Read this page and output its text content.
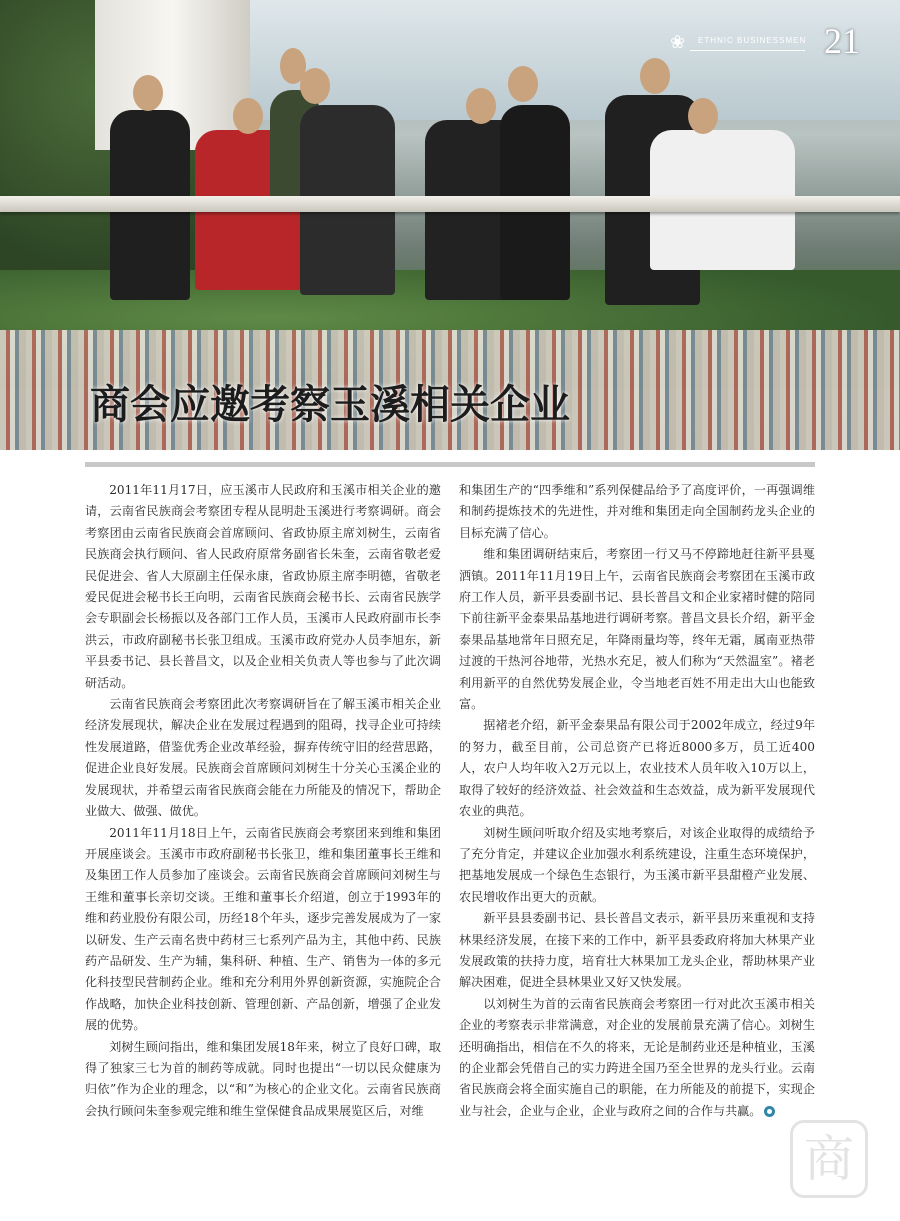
❀	ETHNIC BUSINESSMEN 21
商会应邀考察玉溪相关企业

2011年11月17日，应玉溪市人民政府和玉溪市相关企业的邀请，云南省民族商会考察团专程从昆明赴玉溪进行考察调研。商会考察团由云南省民族商会首席顾问、省政协原主席刘树生，云南省民族商会执行顾问、省人民政府原常务副省长朱奎，云南省敬老爱民促进会、省人大原副主任保永康，省政协原主席李明德，省敬老爱民促进会秘书长王向明，云南省民族商会秘书长、云南省民族学会专职副会长杨振以及各部门工作人员，玉溪市人民政府副市长李洪云，市政府副秘书长张卫组成。玉溪市政府党办人员李旭东，新平县委书记、县长普昌文，以及企业相关负责人等也参与了此次调研活动。

云南省民族商会考察团此次考察调研旨在了解玉溪市相关企业经济发展现状，解决企业在发展过程遇到的阻碍，找寻企业可持续性发展道路，借鉴优秀企业改革经验，摒弃传统守旧的经营思路，促进企业良好发展。民族商会首席顾问刘树生十分关心玉溪企业的发展现状，并希望云南省民族商会能在力所能及的情况下，帮助企业做大、做强、做优。

2011年11月18日上午，云南省民族商会考察团来到维和集团开展座谈会。玉溪市市政府副秘书长张卫，维和集团董事长王维和及集团工作人员参加了座谈会。云南省民族商会首席顾问刘树生与王维和董事长亲切交谈。王维和董事长介绍道，创立于1993年的维和药业股份有限公司，历经18个年头，逐步完善发展成为了一家以研发、生产云南名贵中药材三七系列产品为主，其他中药、民族药产品研发、生产为辅，集科研、种植、生产、销售为一体的多元化科技型民营制药企业。维和充分利用外界创新资源，实施院企合作战略，加快企业科技创新、管理创新、产品创新，增强了企业发展的优势。

刘树生顾问指出，维和集团发展18年来，树立了良好口碑，取得了独家三七为首的制药等成就。同时也提出“一切以民众健康为归依”作为企业的理念，以“和”为核心的企业文化。云南省民族商会执行顾问朱奎参观完维和维生堂保健食品成果展览区后，对维

和集团生产的“四季维和”系列保健品给予了高度评价，一再强调维和制药提炼技术的先进性，并对维和集团走向全国制药龙头企业的目标充满了信心。

维和集团调研结束后，考察团一行又马不停蹄地赶往新平县戛洒镇。2011年11月19日上午，云南省民族商会考察团在玉溪市政府工作人员，新平县委副书记、县长普昌文和企业家褚时健的陪同下前往新平金泰果品基地进行调研考察。普昌文县长介绍，新平金泰果品基地常年日照充足，年降雨量均等，终年无霜，属南亚热带过渡的干热河谷地带，光热水充足，被人们称为“天然温室”。褚老利用新平的自然优势发展企业，令当地老百姓不用走出大山也能致富。

据褚老介绍，新平金泰果品有限公司于2002年成立，经过9年的努力，截至目前，公司总资产已将近8000多万，员工近400人，农户人均年收入2万元以上，农业技术人员年收入10万以上，取得了较好的经济效益、社会效益和生态效益，成为新平发展现代农业的典范。

刘树生顾问听取介绍及实地考察后，对该企业取得的成绩给予了充分肯定，并建议企业加强水利系统建设，注重生态环境保护，把基地发展成一个绿色生态银行，为玉溪市新平县甜橙产业发展、农民增收作出更大的贡献。

新平县县委副书记、县长普昌文表示，新平县历来重视和支持林果经济发展，在接下来的工作中，新平县委政府将加大林果产业发展政策的扶持力度，培育壮大林果加工龙头企业，帮助林果产业解决困难，促进全县林果业又好又快发展。

以刘树生为首的云南省民族商会考察团一行对此次玉溪市相关企业的考察表示非常满意，对企业的发展前景充满了信心。刘树生还明确指出，相信在不久的将来，无论是制药业还是种植业，玉溪的企业都会凭借自己的实力跨进全国乃至全世界的龙头行业。云南省民族商会将全面实施自己的职能，在力所能及的前提下，实现企业与社会，企业与企业，企业与政府之间的合作与共赢。

商
